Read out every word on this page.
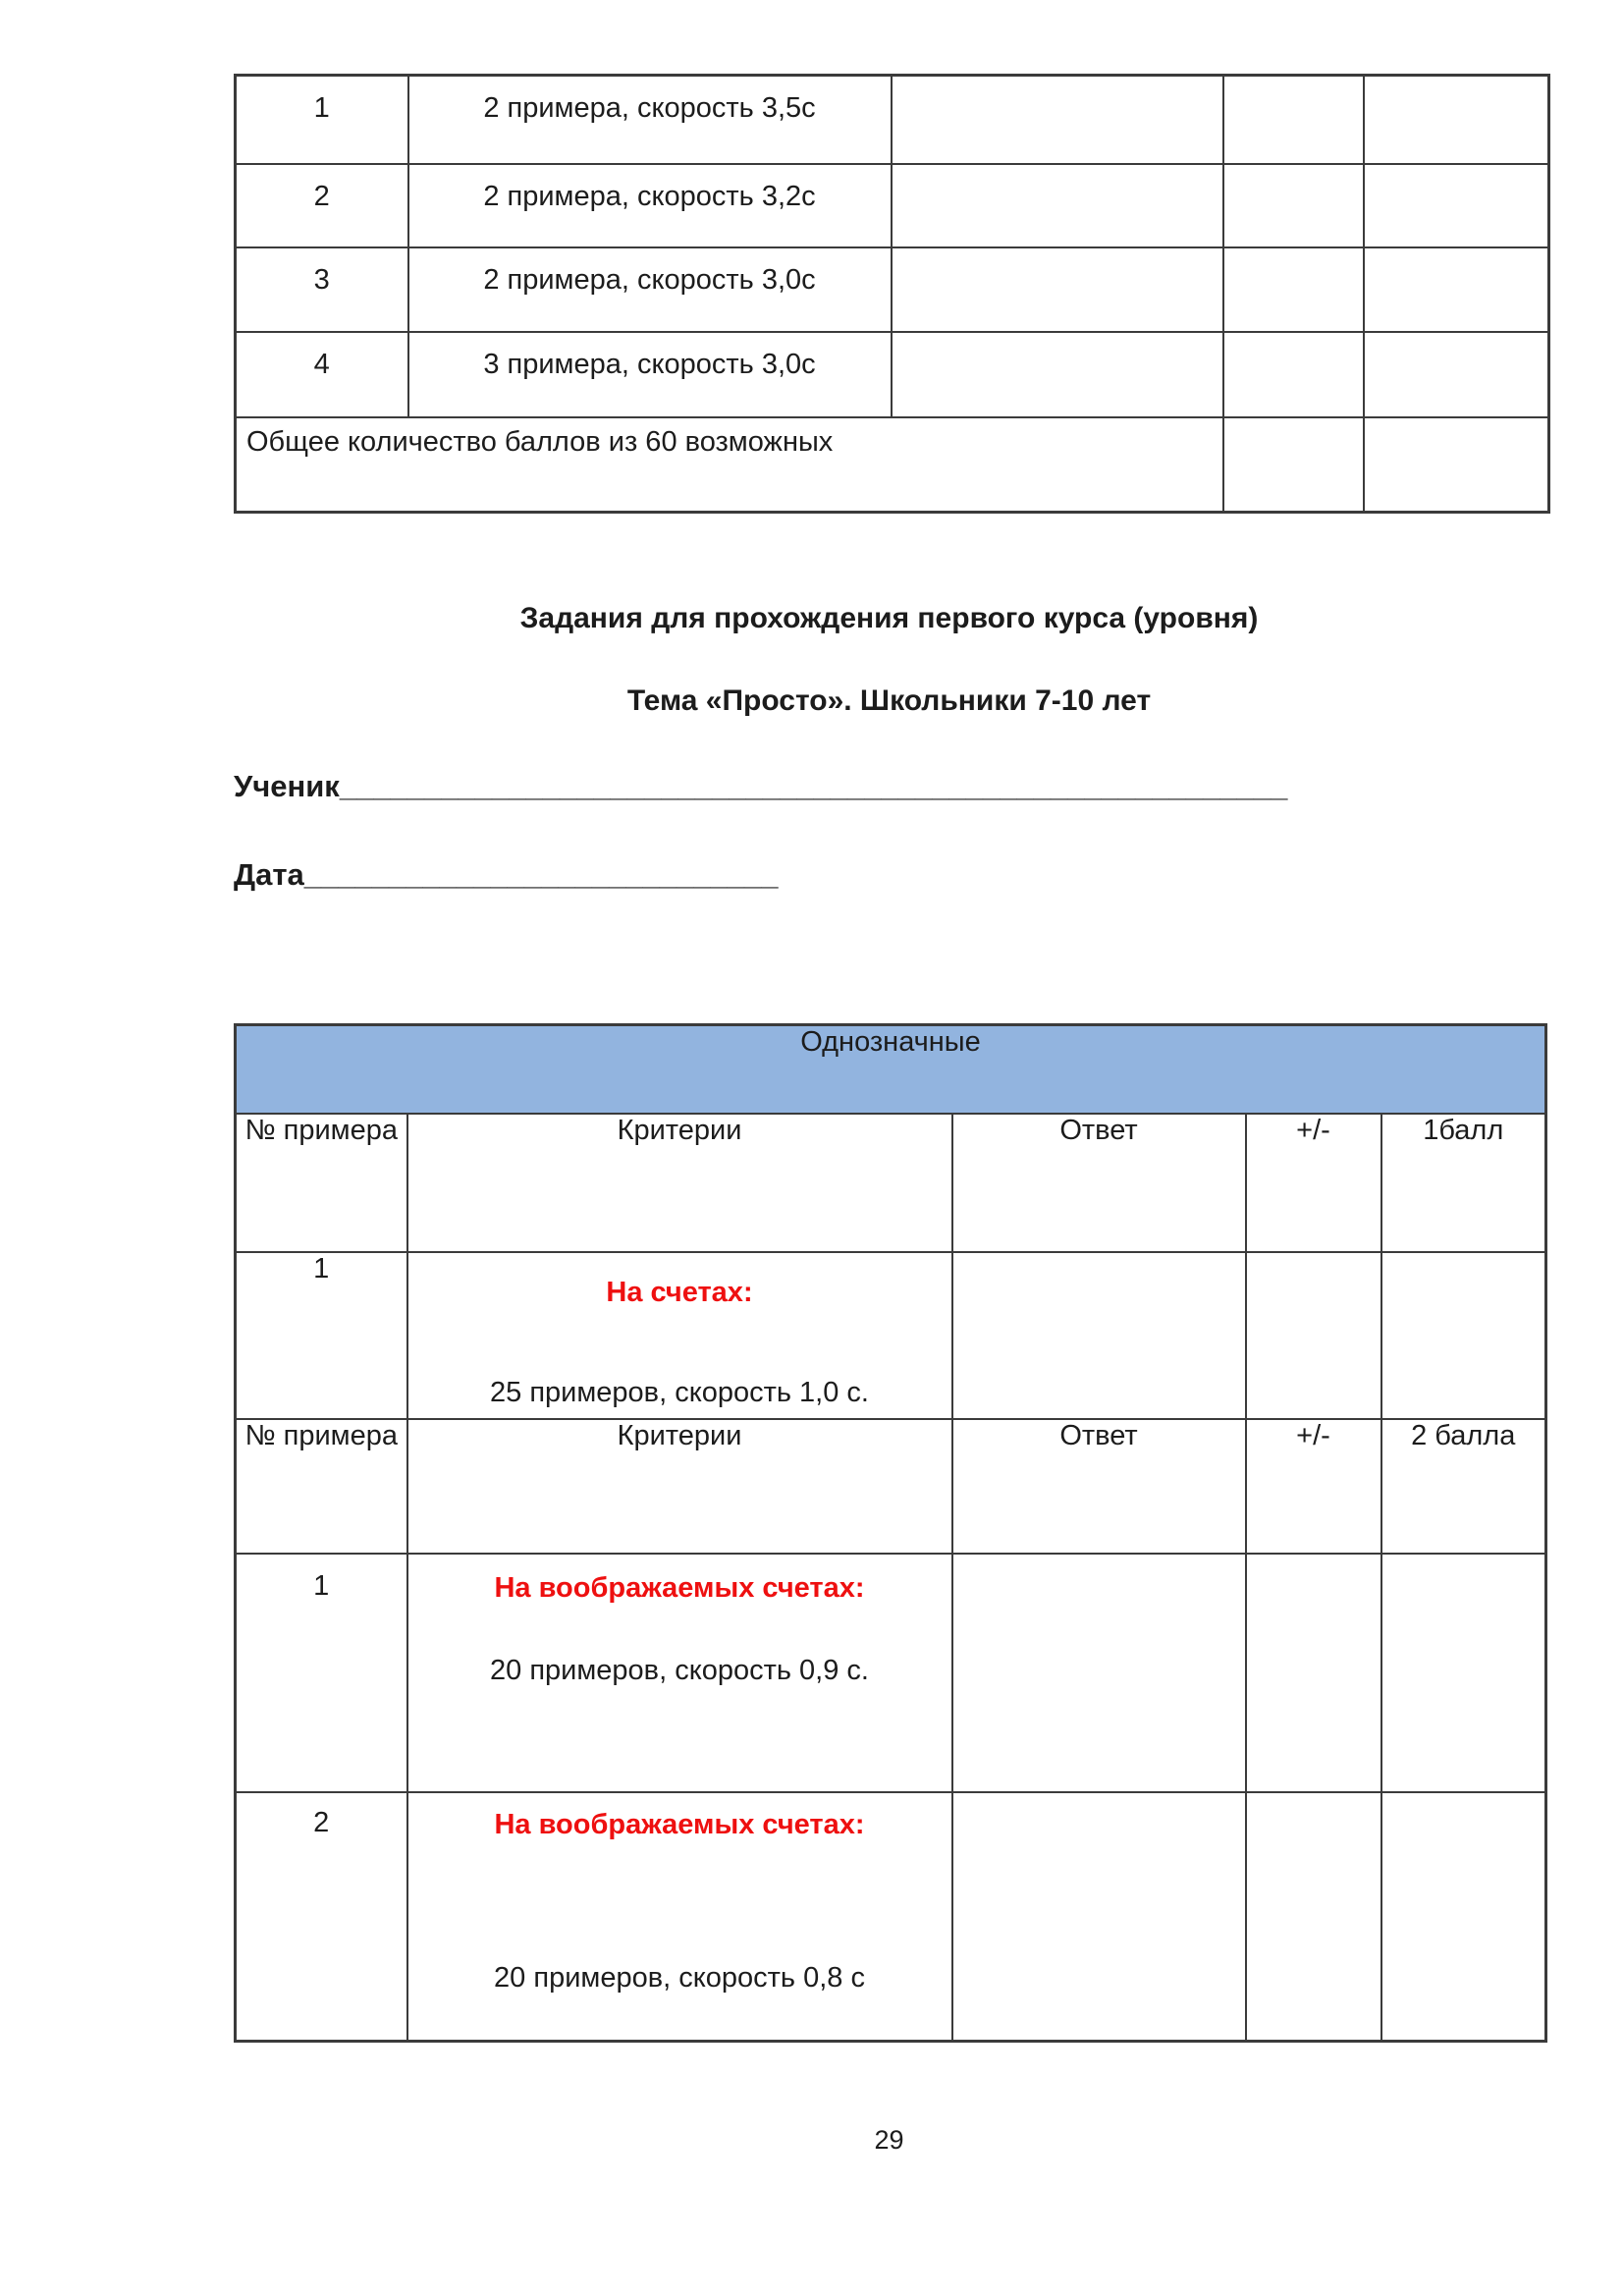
1	2 примера, скорость 3,5с			
2	2 примера, скорость 3,2с			
3	2 примера, скорость 3,0с			
4	3 примера, скорость 3,0с			
Общее количество баллов из 60 возможных				
Задания для прохождения первого курса (уровня)
Тема «Просто». Школьники 7-10 лет
Ученик________________________________________________________
Дата____________________________
Однозначные				
№ примера	Критерии	Ответ	+/-	1балл
1	На счетах:
25 примеров, скорость 1,0 с.			

№ примера	Критерии	Ответ	+/-	2 балла
1	На воображаемых счетах:
20 примеров, скорость 0,9 с.			

2	На воображаемых счетах:
20 примеров, скорость 0,8 с			

29
